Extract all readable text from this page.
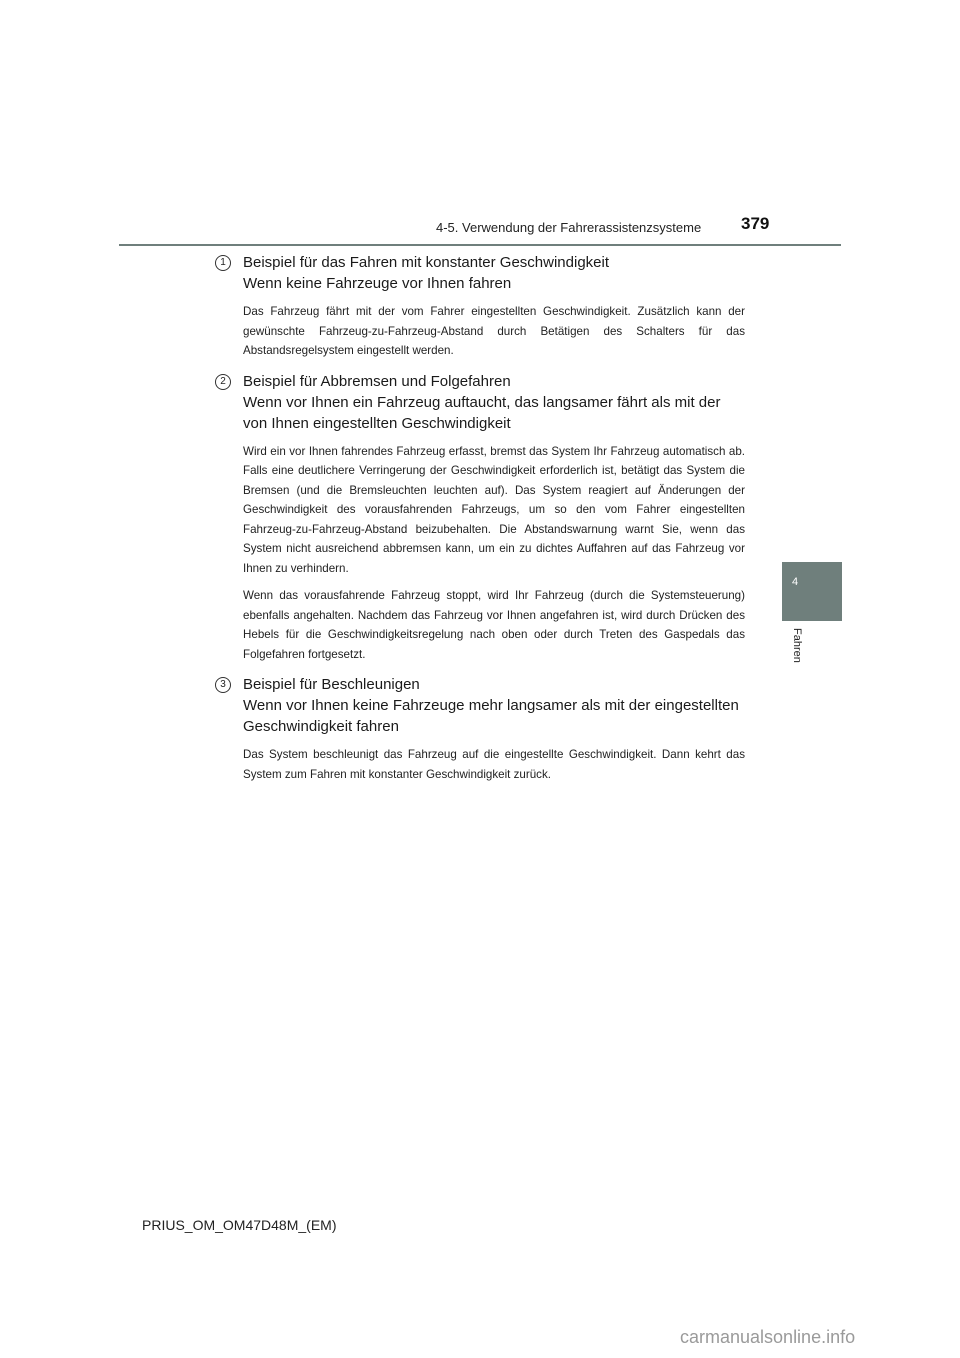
4-5. Verwendung der Fahrerassistenzsysteme 379
4
Fahren
1	Beispiel für das Fahren mit konstanter Geschwindigkeit
Wenn keine Fahrzeuge vor Ihnen fahren

Das Fahrzeug fährt mit der vom Fahrer eingestellten Geschwindigkeit. Zusätzlich kann der gewünschte Fahrzeug-zu-Fahrzeug-Abstand durch Betätigen des Schalters für das Abstandsregelsystem eingestellt werden.

2	Beispiel für Abbremsen und Folgefahren
Wenn vor Ihnen ein Fahrzeug auftaucht, das langsamer fährt als mit der von Ihnen eingestellten Geschwindigkeit

Wird ein vor Ihnen fahrendes Fahrzeug erfasst, bremst das System Ihr Fahrzeug automatisch ab. Falls eine deutlichere Verringerung der Geschwindigkeit erforderlich ist, betätigt das System die Bremsen (und die Bremsleuchten leuchten auf). Das System reagiert auf Änderungen der Geschwindigkeit des vorausfahrenden Fahrzeugs, um so den vom Fahrer eingestellten Fahrzeug-zu-Fahrzeug-Abstand beizubehalten. Die Abstandswarnung warnt Sie, wenn das System nicht ausreichend abbremsen kann, um ein zu dichtes Auffahren auf das Fahrzeug vor Ihnen zu verhindern.

Wenn das vorausfahrende Fahrzeug stoppt, wird Ihr Fahrzeug (durch die Systemsteuerung) ebenfalls angehalten. Nachdem das Fahrzeug vor Ihnen angefahren ist, wird durch Drücken des Hebels für die Geschwindigkeitsregelung nach oben oder durch Treten des Gaspedals das Folgefahren fortgesetzt.

3	Beispiel für Beschleunigen
Wenn vor Ihnen keine Fahrzeuge mehr langsamer als mit der eingestellten Geschwindigkeit fahren

Das System beschleunigt das Fahrzeug auf die eingestellte Geschwindigkeit. Dann kehrt das System zum Fahren mit konstanter Geschwindigkeit zurück.

PRIUS_OM_OM47D48M_(EM)
carmanualsonline.info
